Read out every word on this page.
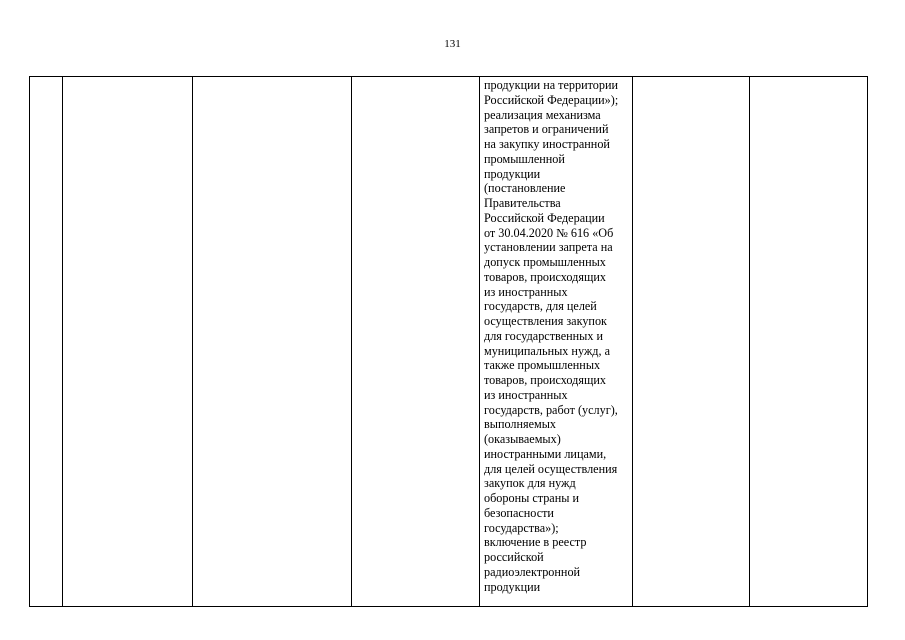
131

продукции на территории
Российской Федерации»);
реализация механизма
запретов и ограничений
на закупку иностранной
промышленной
продукции
(постановление
Правительства
Российской Федерации
от 30.04.2020 № 616 «Об
установлении запрета на
допуск промышленных
товаров, происходящих
из иностранных
государств, для целей
осуществления закупок
для государственных и
муниципальных нужд, а
также промышленных
товаров, происходящих
из иностранных
государств, работ (услуг),
выполняемых
(оказываемых)
иностранными лицами,
для целей осуществления
закупок для нужд
обороны страны и
безопасности
государства»);
включение в реестр
российской
радиоэлектронной
продукции
